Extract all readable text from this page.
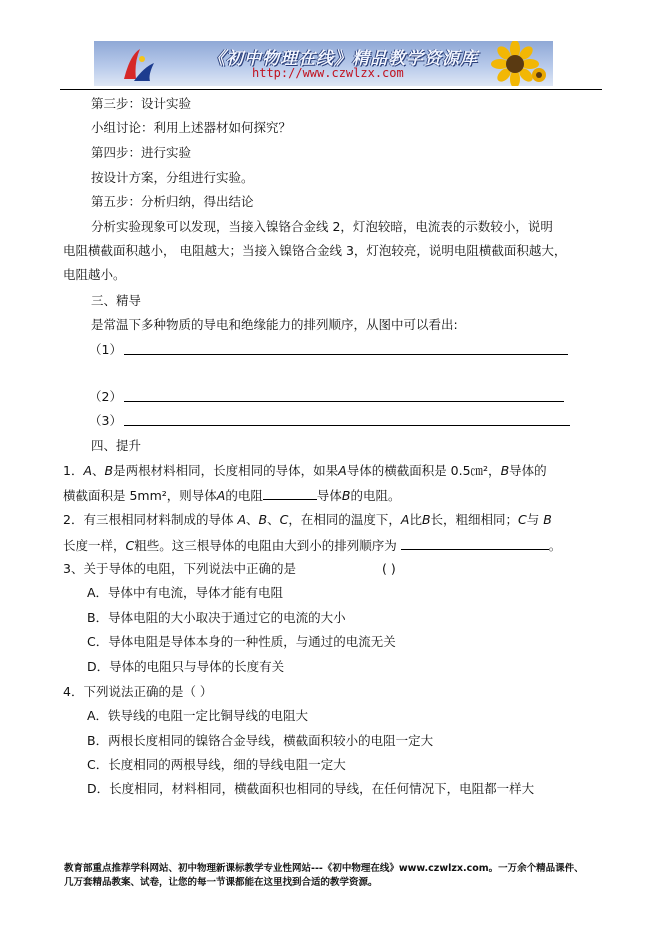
《初中物理在线》精品教学资源库
http://www.czwlzx.com
第三步：设计实验
小组讨论：利用上述器材如何探究？
第四步：进行实验
按设计方案，分组进行实验。
第五步：分析归纳，得出结论
分析实验现象可以发现，当接入镍铬合金线 2，灯泡较暗，电流表的示数较小，说明
电阻横截面积越小， 电阻越大；当接入镍铬合金线 3，灯泡较亮，说明电阻横截面积越大，
电阻越小。
三、精导
是常温下多种物质的导电和绝缘能力的排列顺序，从图中可以看出:
（1）
（2）
（3）
四、提升
1．A、B是两根材料相同，长度相同的导体，如果A导体的横截面积是 0.5㎝²，B导体的
横截面积是 5mm²，则导体A的电阻	导体B的电阻。
2．有三根相同材料制成的导体 A、B、C，在相同的温度下，A比B长，粗细相同；C与 B
长度一样，C粗些。这三根导体的电阻由大到小的排列顺序为	。
3、关于导体的电阻，下列说法中正确的是	( )
A．导体中有电流，导体才能有电阻
B．导体电阻的大小取决于通过它的电流的大小
C．导体电阻是导体本身的一种性质，与通过的电流无关
D．导体的电阻只与导体的长度有关
4．下列说法正确的是（ ）
A．铁导线的电阻一定比铜导线的电阻大
B．两根长度相同的镍铬合金导线，横截面积较小的电阻一定大
C．长度相同的两根导线，细的导线电阻一定大
D．长度相同，材料相同，横截面积也相同的导线，在任何情况下，电阻都一样大
教育部重点推荐学科网站、初中物理新课标教学专业性网站---《初中物理在线》www.czwlzx.com。一万余个精品课件、
几万套精品教案、试卷，让您的每一节课都能在这里找到合适的教学资源。
